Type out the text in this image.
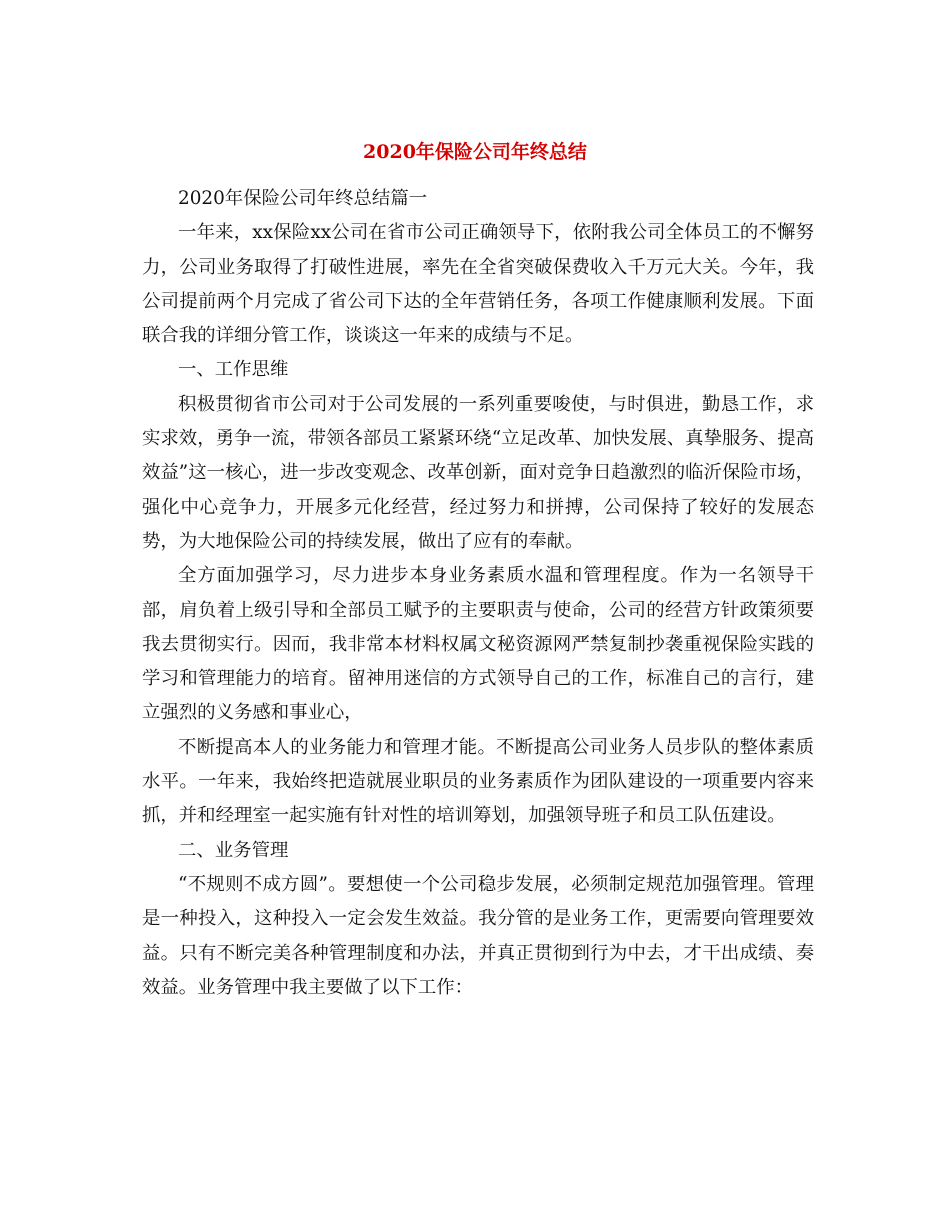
2020年保险公司年终总结

2020年保险公司年终总结篇一

一年来，xx保险xx公司在省市公司正确领导下，依附我公司全体员工的不懈努力，公司业务取得了打破性进展，率先在全省突破保费收入千万元大关。今年，我公司提前两个月完成了省公司下达的全年营销任务，各项工作健康顺利发展。下面联合我的详细分管工作，谈谈这一年来的成绩与不足。

一、工作思维

积极贯彻省市公司对于公司发展的一系列重要唆使，与时俱进，勤恳工作，求实求效，勇争一流，带领各部员工紧紧环绕“立足改革、加快发展、真挚服务、提高效益”这一核心，进一步改变观念、改革创新，面对竞争日趋激烈的临沂保险市场，强化中心竞争力，开展多元化经营，经过努力和拼搏，公司保持了较好的发展态势，为大地保险公司的持续发展，做出了应有的奉献。

全方面加强学习，尽力进步本身业务素质水温和管理程度。作为一名领导干部，肩负着上级引导和全部员工赋予的主要职责与使命，公司的经营方针政策须要我去贯彻实行。因而，我非常本材料权属文秘资源网严禁复制抄袭重视保险实践的学习和管理能力的培育。留神用迷信的方式领导自己的工作，标准自己的言行，建立强烈的义务感和事业心，

不断提高本人的业务能力和管理才能。不断提高公司业务人员步队的整体素质水平。一年来，我始终把造就展业职员的业务素质作为团队建设的一项重要内容来抓，并和经理室一起实施有针对性的培训筹划，加强领导班子和员工队伍建设。

二、业务管理

“不规则不成方圆”。要想使一个公司稳步发展，必须制定规范加强管理。管理是一种投入，这种投入一定会发生效益。我分管的是业务工作，更需要向管理要效益。只有不断完美各种管理制度和办法，并真正贯彻到行为中去，才干出成绩、奏效益。业务管理中我主要做了以下工作：
